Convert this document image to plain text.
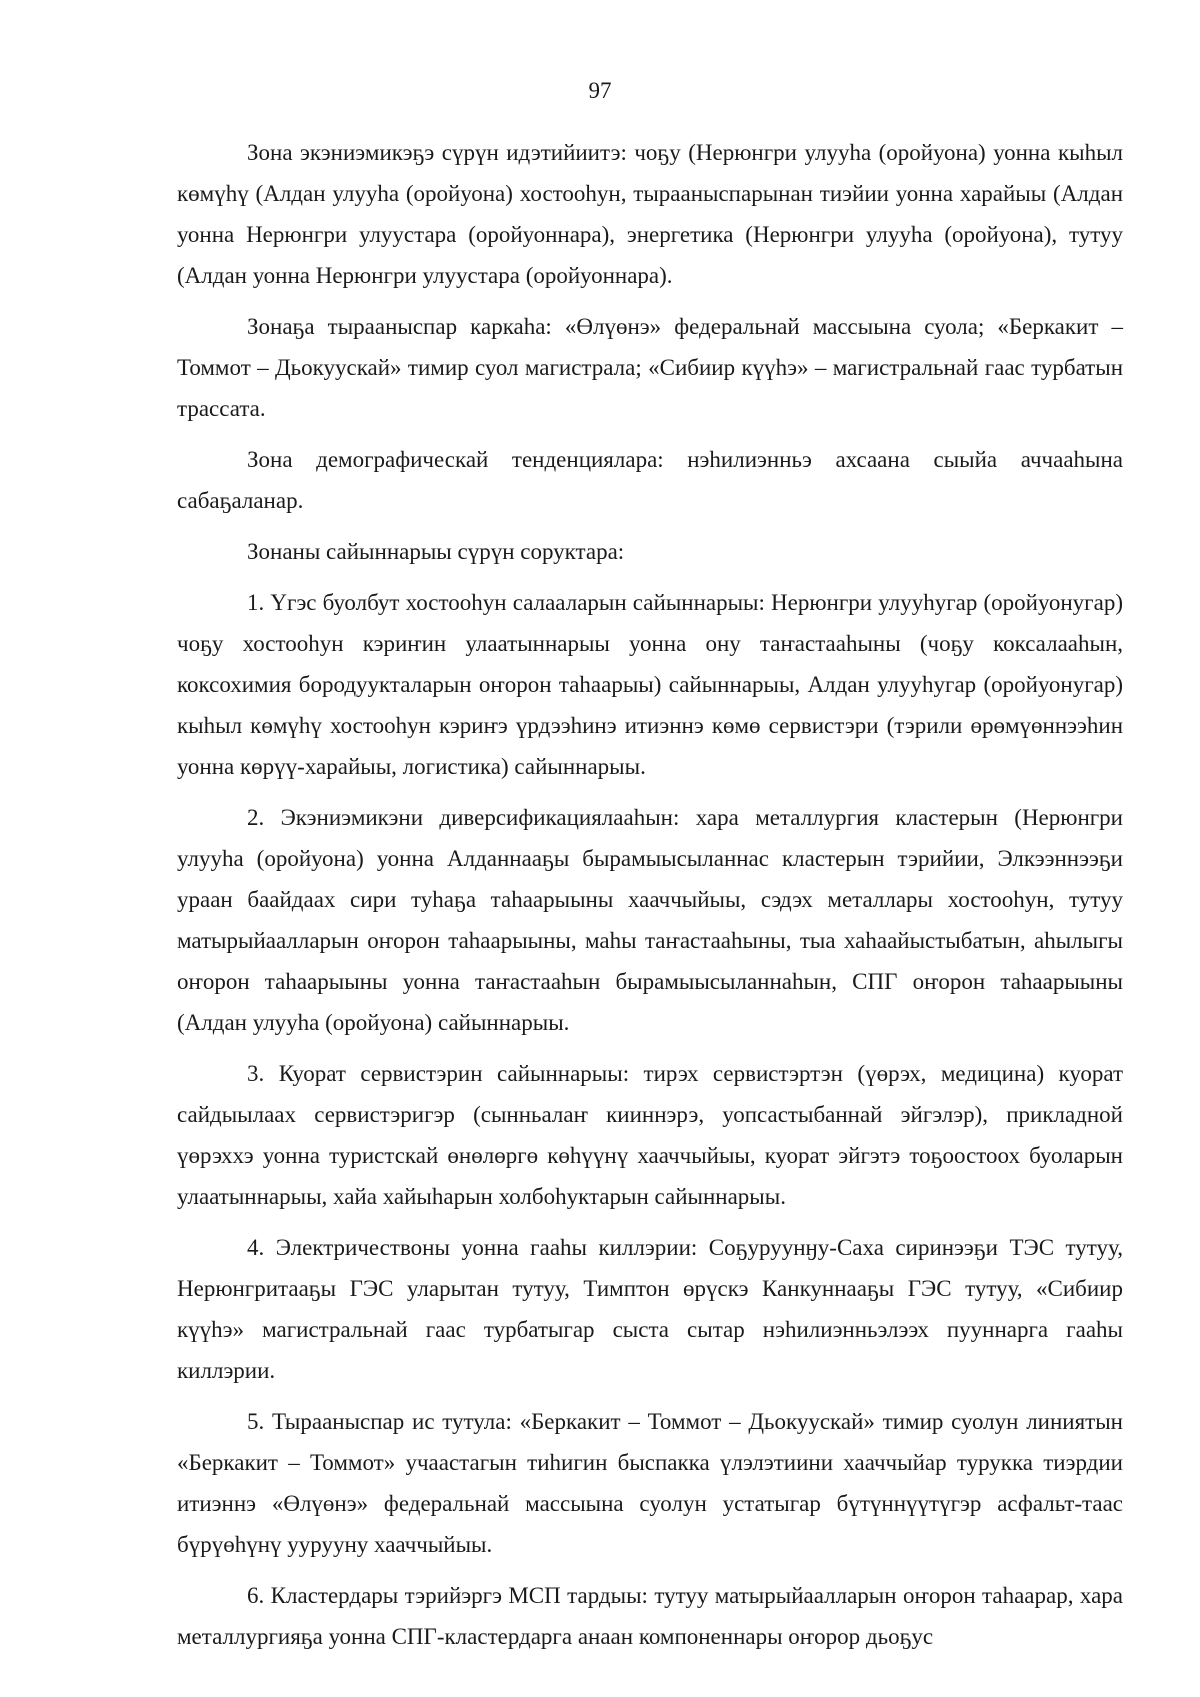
97

Зона экэниэмикэҕэ сүрүн идэтийиитэ: чоҕу (Нерюнгри улууһа (оройуона) уонна кыһыл көмүһү (Алдан улууһа (оройуона) хостооһун, тырааныспарынан тиэйии уонна харайыы (Алдан уонна Нерюнгри улуустара (оройуоннара), энергетика (Нерюнгри улууһа (оройуона), тутуу (Алдан уонна Нерюнгри улуустара (оройуоннара).

Зонаҕа тырааныспар каркаһа: «Өлүөнэ» федеральнай массыына суола; «Беркакит – Томмот – Дьокуускай» тимир суол магистрала; «Сибиир күүһэ» – магистральнай гаас турбатын трассата.

Зона демографическай тенденциялара: нэһилиэнньэ ахсаана сыыйа аччааһына сабаҕаланар.

Зонаны сайыннарыы сүрүн соруктара:

1. Үгэс буолбут хостооһун салааларын сайыннарыы: Нерюнгри улууһугар (оройуонугар) чоҕу хостооһун кэриҥин улаатыннарыы уонна ону таҥастааһыны (чоҕу коксалааһын, коксохимия бородуукталарын оҥорон таһаарыы) сайыннарыы, Алдан улууһугар (оройуонугар) кыһыл көмүһү хостооһун кэриҥэ үрдээһинэ итиэннэ көмө сервистэри (тэрили өрөмүөннээһин уонна көрүү-харайыы, логистика) сайыннарыы.

2. Экэниэмикэни диверсификациялааһын: хара металлургия кластерын (Нерюнгри улууһа (оройуона) уонна Алданнааҕы бырамыысыланнас кластерын тэрийии, Элкээннээҕи ураан баайдаах сири туһаҕа таһаарыыны хааччыйыы, сэдэх металлары хостооһун, тутуу матырыйаалларын оҥорон таһаарыыны, маһы таҥастааһыны, тыа хаһаайыстыбатын, аһылыгы оҥорон таһаарыыны уонна таҥастааһын бырамыысыланнаһын, СПГ оҥорон таһаарыыны (Алдан улууһа (оройуона) сайыннарыы.

3. Куорат сервистэрин сайыннарыы: тирэх сервистэртэн (үөрэх, медицина) куорат сайдыылаах сервистэригэр (сынньалаҥ кииннэрэ, уопсастыбаннай эйгэлэр), прикладной үөрэххэ уонна туристскай өнөлөргө көһүүнү хааччыйыы, куорат эйгэтэ тоҕоостоох буоларын улаатыннарыы, хайа хайыһарын холбоһуктарын сайыннарыы.

4. Электричествоны уонна гааһы киллэрии: Соҕуруунӈу-Саха сиринээҕи ТЭС тутуу, Нерюнгритааҕы ГЭС уларытан тутуу, Тимптон өрүскэ Канкуннааҕы ГЭС тутуу, «Сибиир күүһэ» магистральнай гаас турбатыгар сыста сытар нэһилиэнньэлээх пууннарга гааһы киллэрии.

5. Тырааныспар ис тутула: «Беркакит – Томмот – Дьокуускай» тимир суолун линиятын «Беркакит – Томмот» учаастагын тиһигин быспакка үлэлэтиини хааччыйар турукка тиэрдии итиэннэ «Өлүөнэ» федеральнай массыына суолун устатыгар бүтүннүүтүгэр асфальт-таас бүрүөһүнү уурууну хааччыйыы.

6. Кластердары тэрийэргэ МСП тардыы: тутуу матырыйаалларын оҥорон таһаарар, хара металлургияҕа уонна СПГ-кластердарга анаан компоненнары оҥорор дьоҕус
